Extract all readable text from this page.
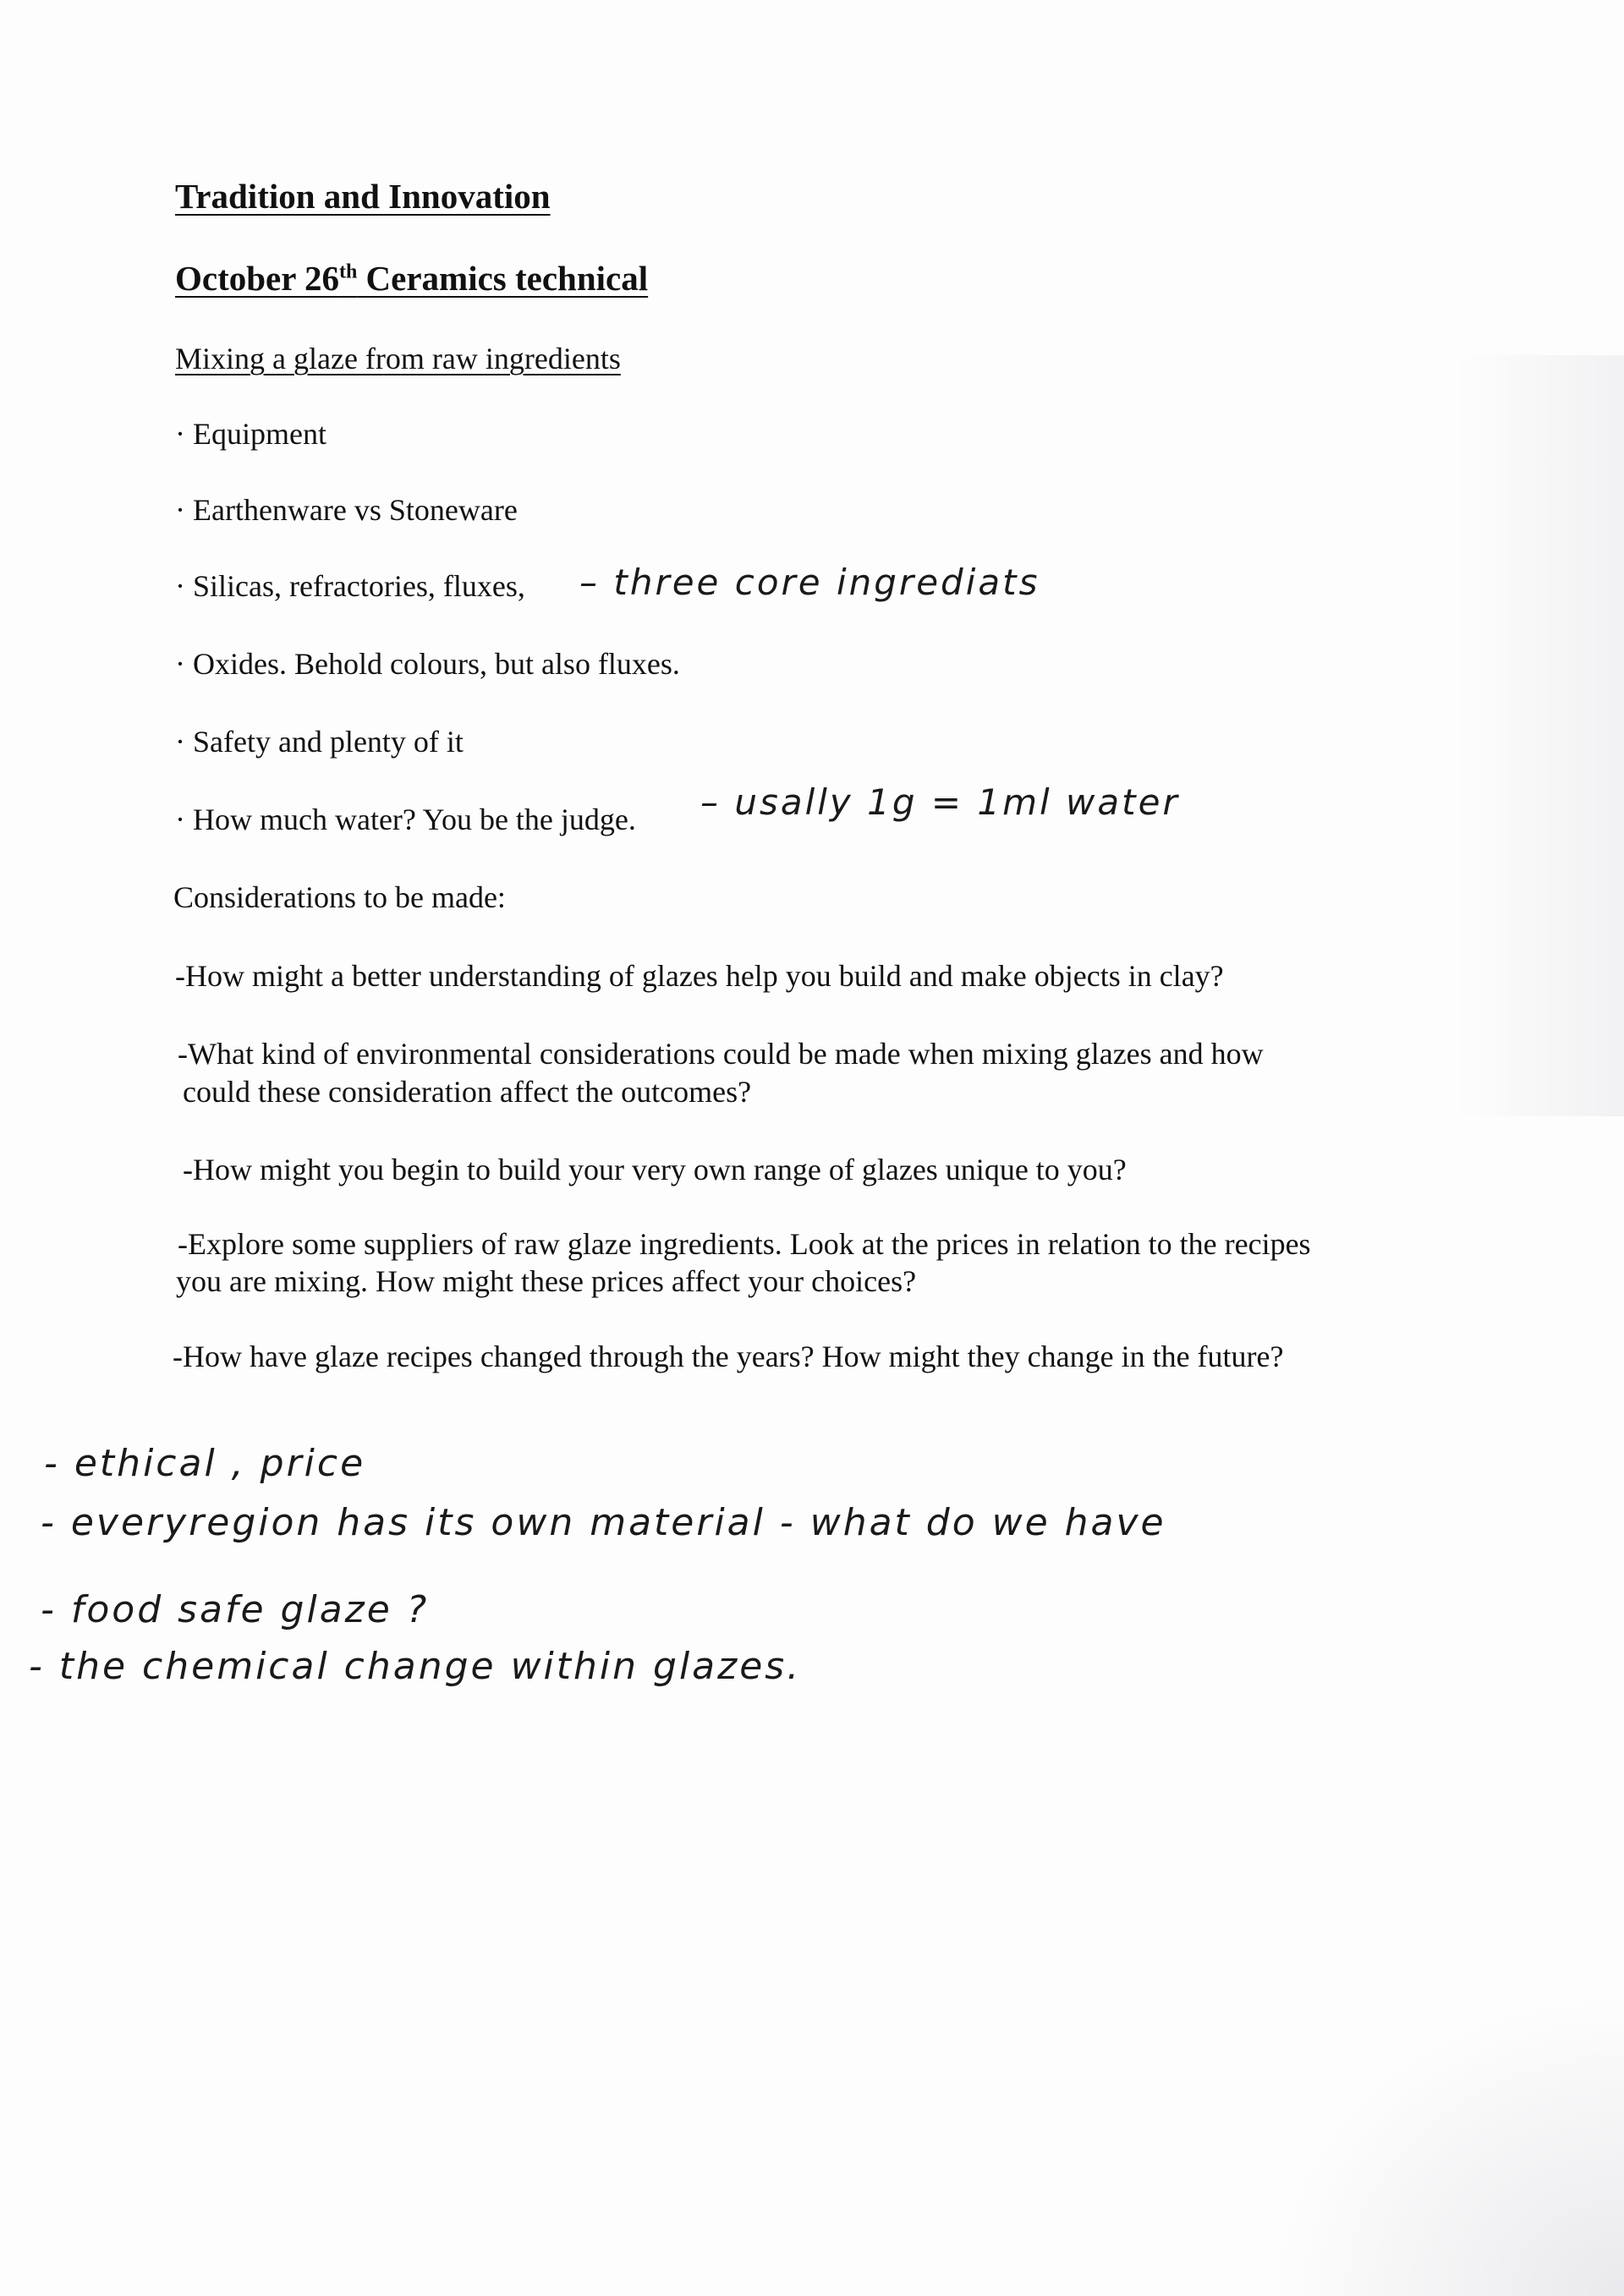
Tradition and Innovation
October 26th Ceramics technical
Mixing a glaze from raw ingredients
· Equipment
· Earthenware vs Stoneware
· Silicas, refractories, fluxes, – three core ingrediats
· Oxides. Behold colours, but also fluxes.
· Safety and plenty of it
· How much water? You be the judge. – usally 1g = 1ml water
Considerations to be made:
-How might a better understanding of glazes help you build and make objects in clay?
-What kind of environmental considerations could be made when mixing glazes and how
could these consideration affect the outcomes?
-How might you begin to build your very own range of glazes unique to you?
-Explore some suppliers of raw glaze ingredients. Look at the prices in relation to the recipes
you are mixing. How might these prices affect your choices?
-How have glaze recipes changed through the years? How might they change in the future?
- ethical , price
- everyregion has its own material - what do we have
- food safe glaze ?
- the chemical change within glazes.
